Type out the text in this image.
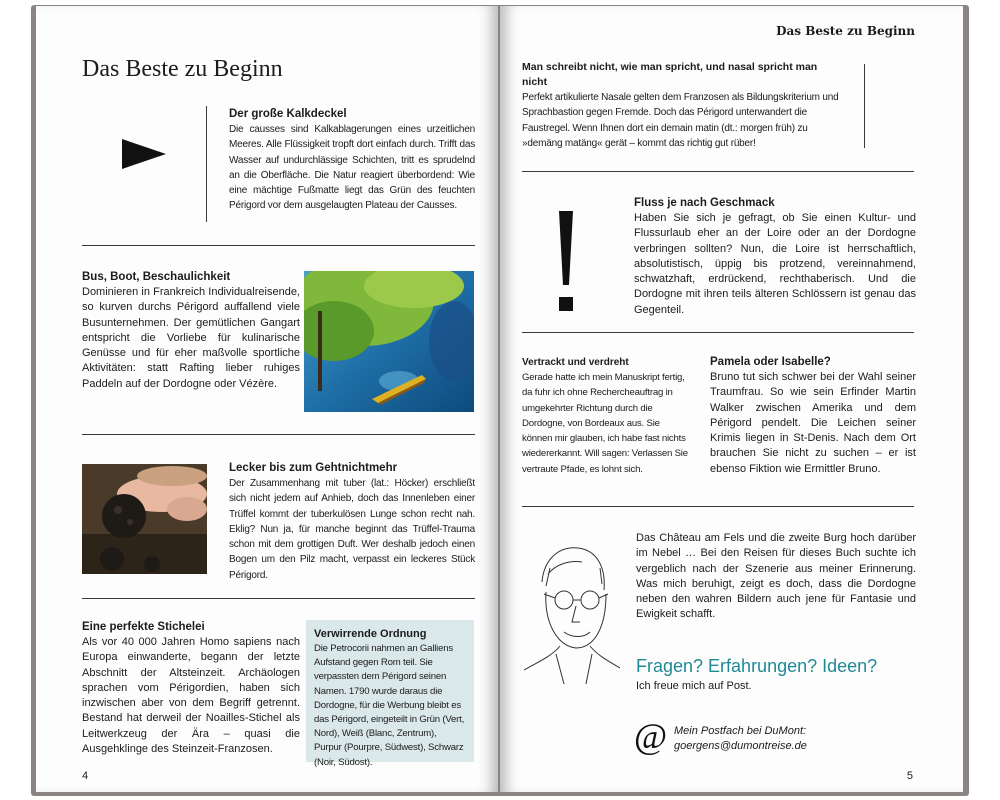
Das Beste zu Beginn
Der große Kalkdeckel
Die causses sind Kalkablagerungen eines urzeitlichen Meeres. Alle Flüssigkeit tropft dort einfach durch. Trifft das Wasser auf undurchlässige Schichten, tritt es sprudelnd an die Oberfläche. Die Natur reagiert überbordend: Wie eine mächtige Fußmatte liegt das Grün des feuchten Périgord vor dem ausgelaugten Plateau der Causses.
Bus, Boot, Beschaulichkeit
Dominieren in Frankreich Individualreisende, so kurven durchs Périgord auffallend viele Busunternehmen. Der gemütlichen Gangart entspricht die Vorliebe für kulinarische Genüsse und für eher maßvolle sportliche Aktivitäten: statt Rafting lieber ruhiges Paddeln auf der Dordogne oder Vézère.
Lecker bis zum Gehtnichtmehr
Der Zusammenhang mit tuber (lat.: Höcker) erschließt sich nicht jedem auf Anhieb, doch das Innenleben einer Trüffel kommt der tuberkulösen Lunge schon recht nah. Eklig? Nun ja, für manche beginnt das Trüffel-Trauma schon mit dem grottigen Duft. Wer deshalb jedoch einen Bogen um den Pilz macht, verpasst ein leckeres Stück Périgord.
Eine perfekte Stichelei
Als vor 40 000 Jahren Homo sapiens nach Europa einwanderte, begann der letzte Abschnitt der Altsteinzeit. Archäologen sprachen vom Périgordien, haben sich inzwischen aber von dem Begriff getrennt. Bestand hat derweil der Noailles-Stichel als Leitwerkzeug der Ära – quasi die Ausgehklinge des Steinzeit-Franzosen.
Verwirrende Ordnung
Die Petrocorii nahmen an Galliens Aufstand gegen Rom teil. Sie verpassten dem Périgord seinen Namen. 1790 wurde daraus die Dordogne, für die Werbung bleibt es das Périgord, eingeteilt in Grün (Vert, Nord), Weiß (Blanc, Zentrum), Purpur (Pourpre, Südwest), Schwarz (Noir, Südost).
4
Das Beste zu Beginn
Man schreibt nicht, wie man spricht, und nasal spricht man nicht
Perfekt artikulierte Nasale gelten dem Franzosen als Bildungskriterium und Sprachbastion gegen Fremde. Doch das Périgord unterwandert die Faustregel. Wenn Ihnen dort ein demain matin (dt.: morgen früh) zu »demäng matäng« gerät – kommt das richtig gut rüber!
Fluss je nach Geschmack
Haben Sie sich je gefragt, ob Sie einen Kultur- und Flussurlaub eher an der Loire oder an der Dordogne verbringen sollten? Nun, die Loire ist herrschaftlich, absolutistisch, üppig bis protzend, vereinnahmend, schwatzhaft, erdrückend, rechthaberisch. Und die Dordogne mit ihren teils älteren Schlössern ist genau das Gegenteil.
Vertrackt und verdreht
Gerade hatte ich mein Manuskript fertig, da fuhr ich ohne Rechercheauftrag in umgekehrter Richtung durch die Dordogne, von Bordeaux aus. Sie können mir glauben, ich habe fast nichts wiedererkannt. Will sagen: Verlassen Sie vertraute Pfade, es lohnt sich.
Pamela oder Isabelle?
Bruno tut sich schwer bei der Wahl seiner Traumfrau. So wie sein Erfinder Martin Walker zwischen Amerika und dem Périgord pendelt. Die Leichen seiner Krimis liegen in St-Denis. Nach dem Ort brauchen Sie nicht zu suchen – er ist ebenso Fiktion wie Ermittler Bruno.
Das Château am Fels und die zweite Burg hoch darüber im Nebel … Bei den Reisen für dieses Buch suchte ich vergeblich nach der Szenerie aus meiner Erinnerung. Was mich beruhigt, zeigt es doch, dass die Dordogne neben den wahren Bildern auch jene für Fantasie und Ewigkeit schafft.
Fragen? Erfahrungen? Ideen?
Ich freue mich auf Post.
@ Mein Postfach bei DuMont:
goergens@dumontreise.de
5
